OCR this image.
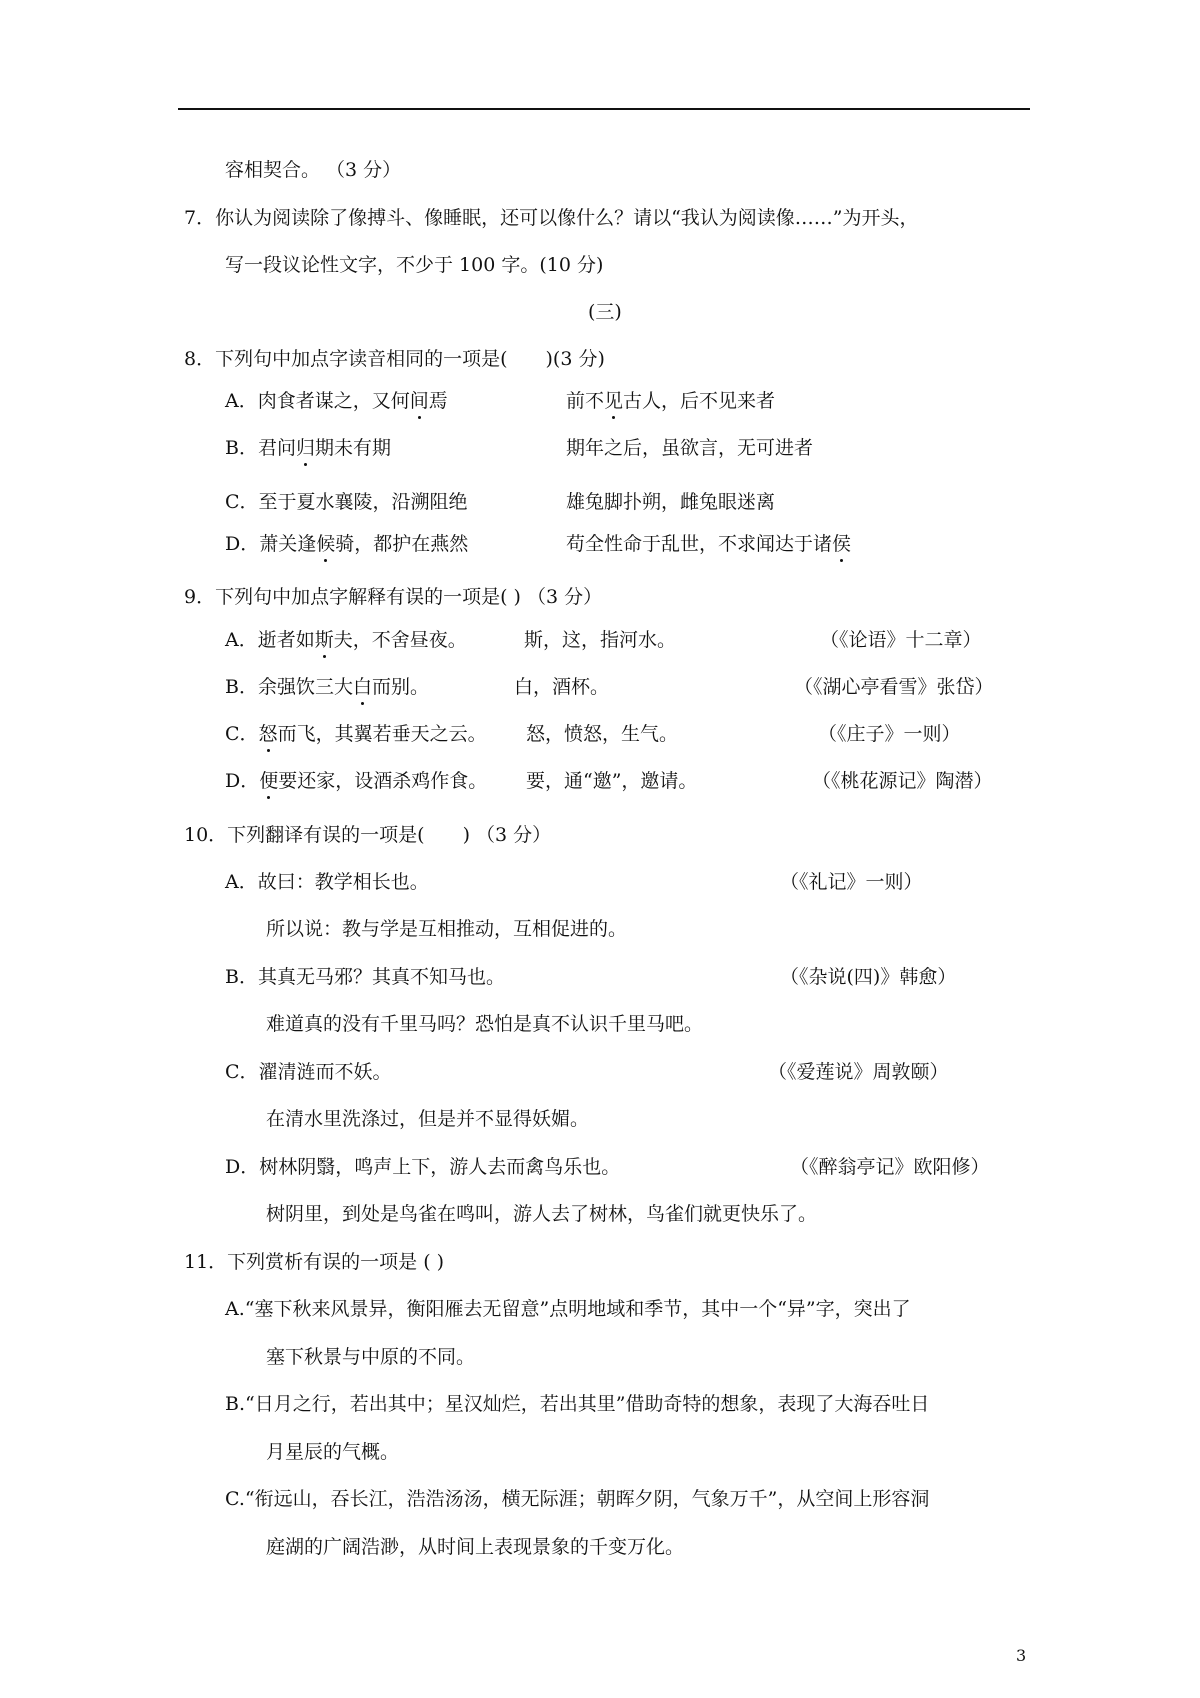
容相契合。 （3 分）
7．你认为阅读除了像搏斗、像睡眠，还可以像什么？请以“我认为阅读像……”为开头，
写一段议论性文字，不少于 100 字。(10 分)
(三)
8．下列句中加点字读音相同的一项是(　　)(3 分)
A．肉食者谋之，又何间焉	前不见古人，后不见来者
B．君问归期未有期	期年之后，虽欲言，无可进者
C．至于夏水襄陵，沿溯阻绝	雄兔脚扑朔，雌兔眼迷离
D．萧关逢候骑，都护在燕然	苟全性命于乱世，不求闻达于诸侯
9．下列句中加点字解释有误的一项是( ) （3 分）
A．逝者如斯夫，不舍昼夜。	斯，这，指河水。	（《论语》十二章）
B．余强饮三大白而别。	白，酒杯。	（《湖心亭看雪》张岱）
C．怒而飞，其翼若垂天之云。 怒，愤怒，生气。	（《庄子》一则）
D．便要还家，设酒杀鸡作食。 要，通“邀”，邀请。	（《桃花源记》陶潜）
10．下列翻译有误的一项是(　　) （3 分）
A．故曰：教学相长也。	（《礼记》一则）
所以说：教与学是互相推动，互相促进的。
B．其真无马邪？其真不知马也。	（《杂说(四)》韩愈）
难道真的没有千里马吗？恐怕是真不认识千里马吧。
C．濯清涟而不妖。	（《爱莲说》周敦颐）
在清水里洗涤过，但是并不显得妖媚。
D．树林阴翳，鸣声上下，游人去而禽鸟乐也。	（《醉翁亭记》欧阳修）
树阴里，到处是鸟雀在鸣叫，游人去了树林，鸟雀们就更快乐了。
11．下列赏析有误的一项是 ( )
A.“塞下秋来风景异，衡阳雁去无留意”点明地域和季节，其中一个“异”字，突出了
塞下秋景与中原的不同。
B.“日月之行，若出其中；星汉灿烂，若出其里”借助奇特的想象，表现了大海吞吐日
月星辰的气概。
C.“衔远山，吞长江，浩浩汤汤，横无际涯；朝晖夕阴，气象万千”，从空间上形容洞
庭湖的广阔浩渺，从时间上表现景象的千变万化。
3
